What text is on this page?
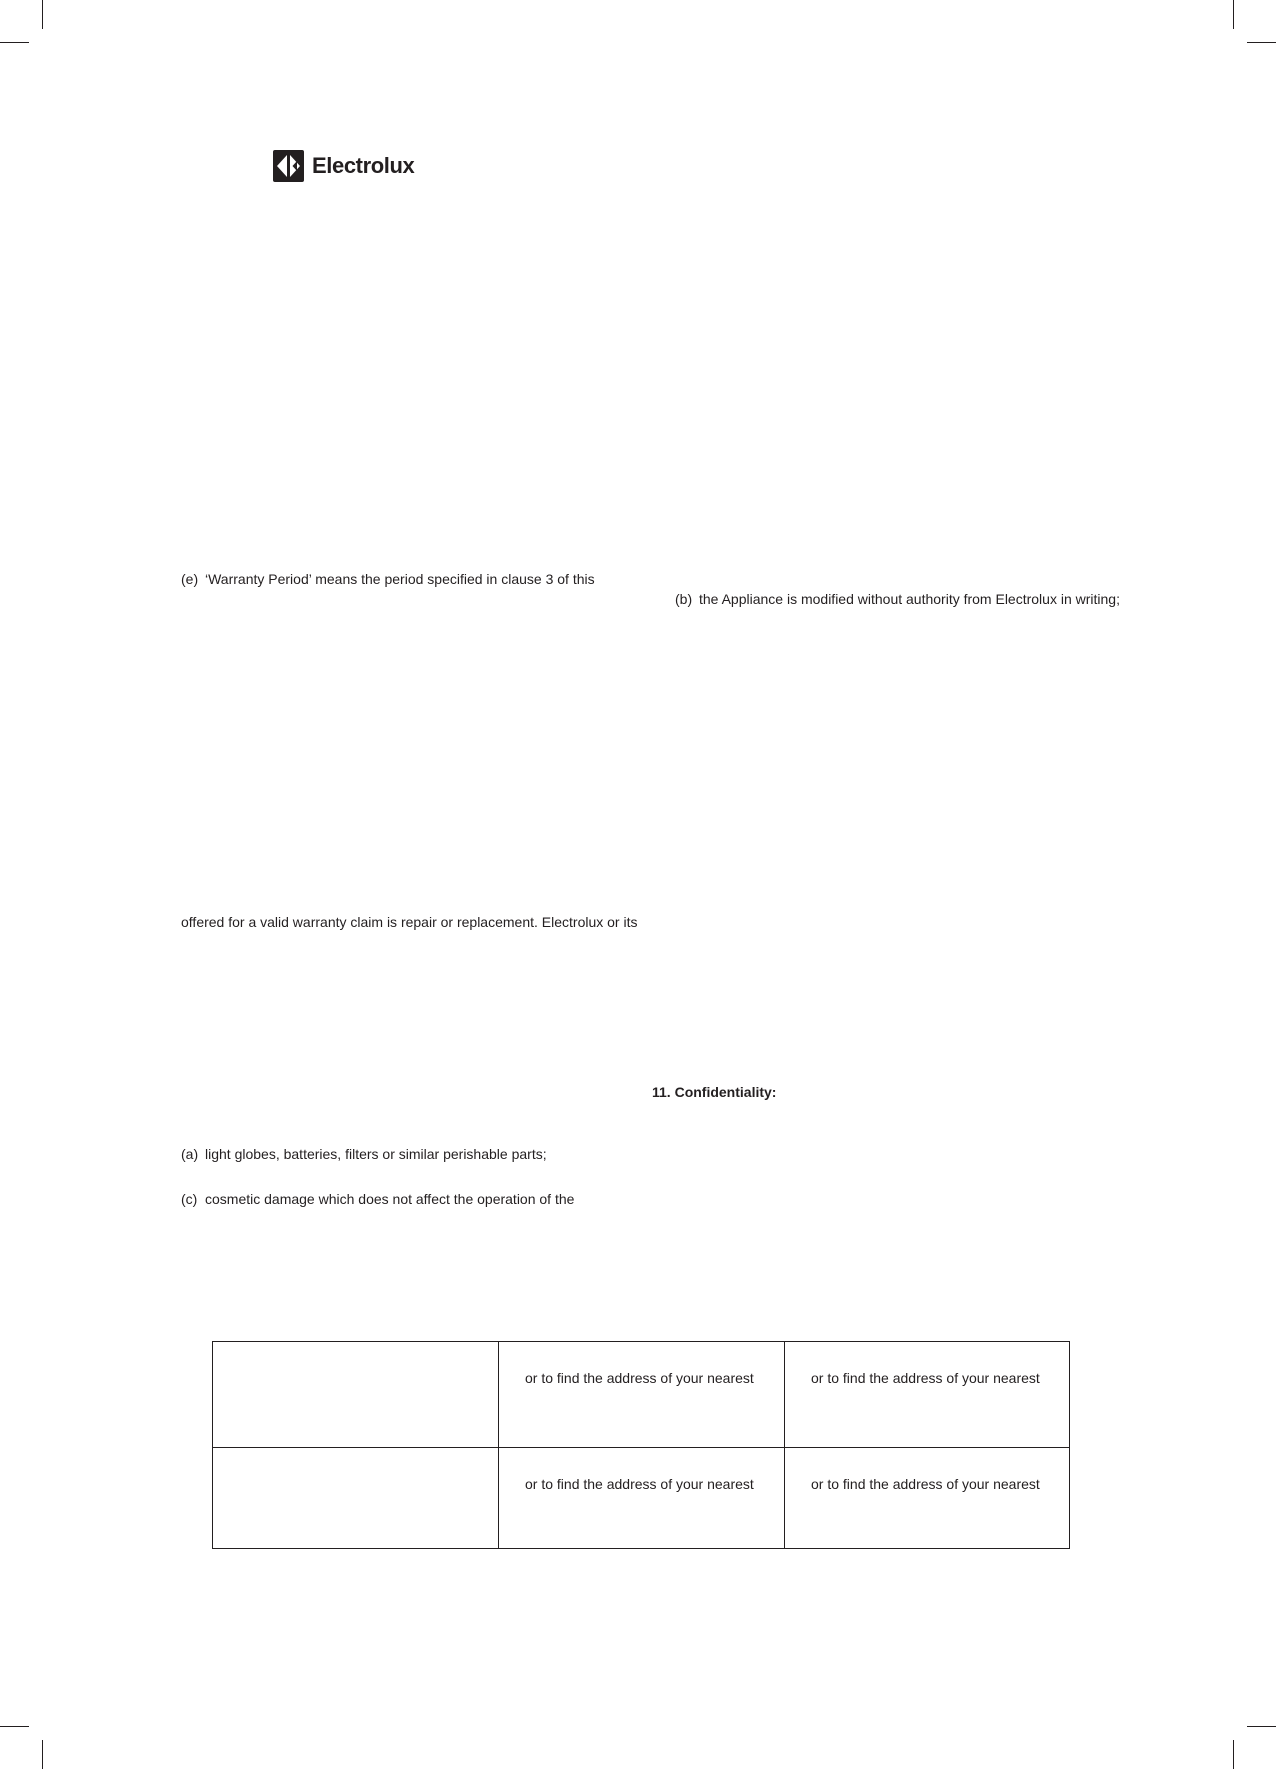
Electrolux
(e) ‘Warranty Period’ means the period specified in clause 3 of this
offered for a valid warranty claim is repair or replacement. Electrolux or its
(a) light globes, batteries, filters or similar perishable parts;
(c) cosmetic damage which does not affect the operation of the
(b) the Appliance is modified without authority from Electrolux in writing;
11. Confidentiality:
	or to find the address of your nearest	or to find the address of your nearest
	or to find the address of your nearest	or to find the address of your nearest
